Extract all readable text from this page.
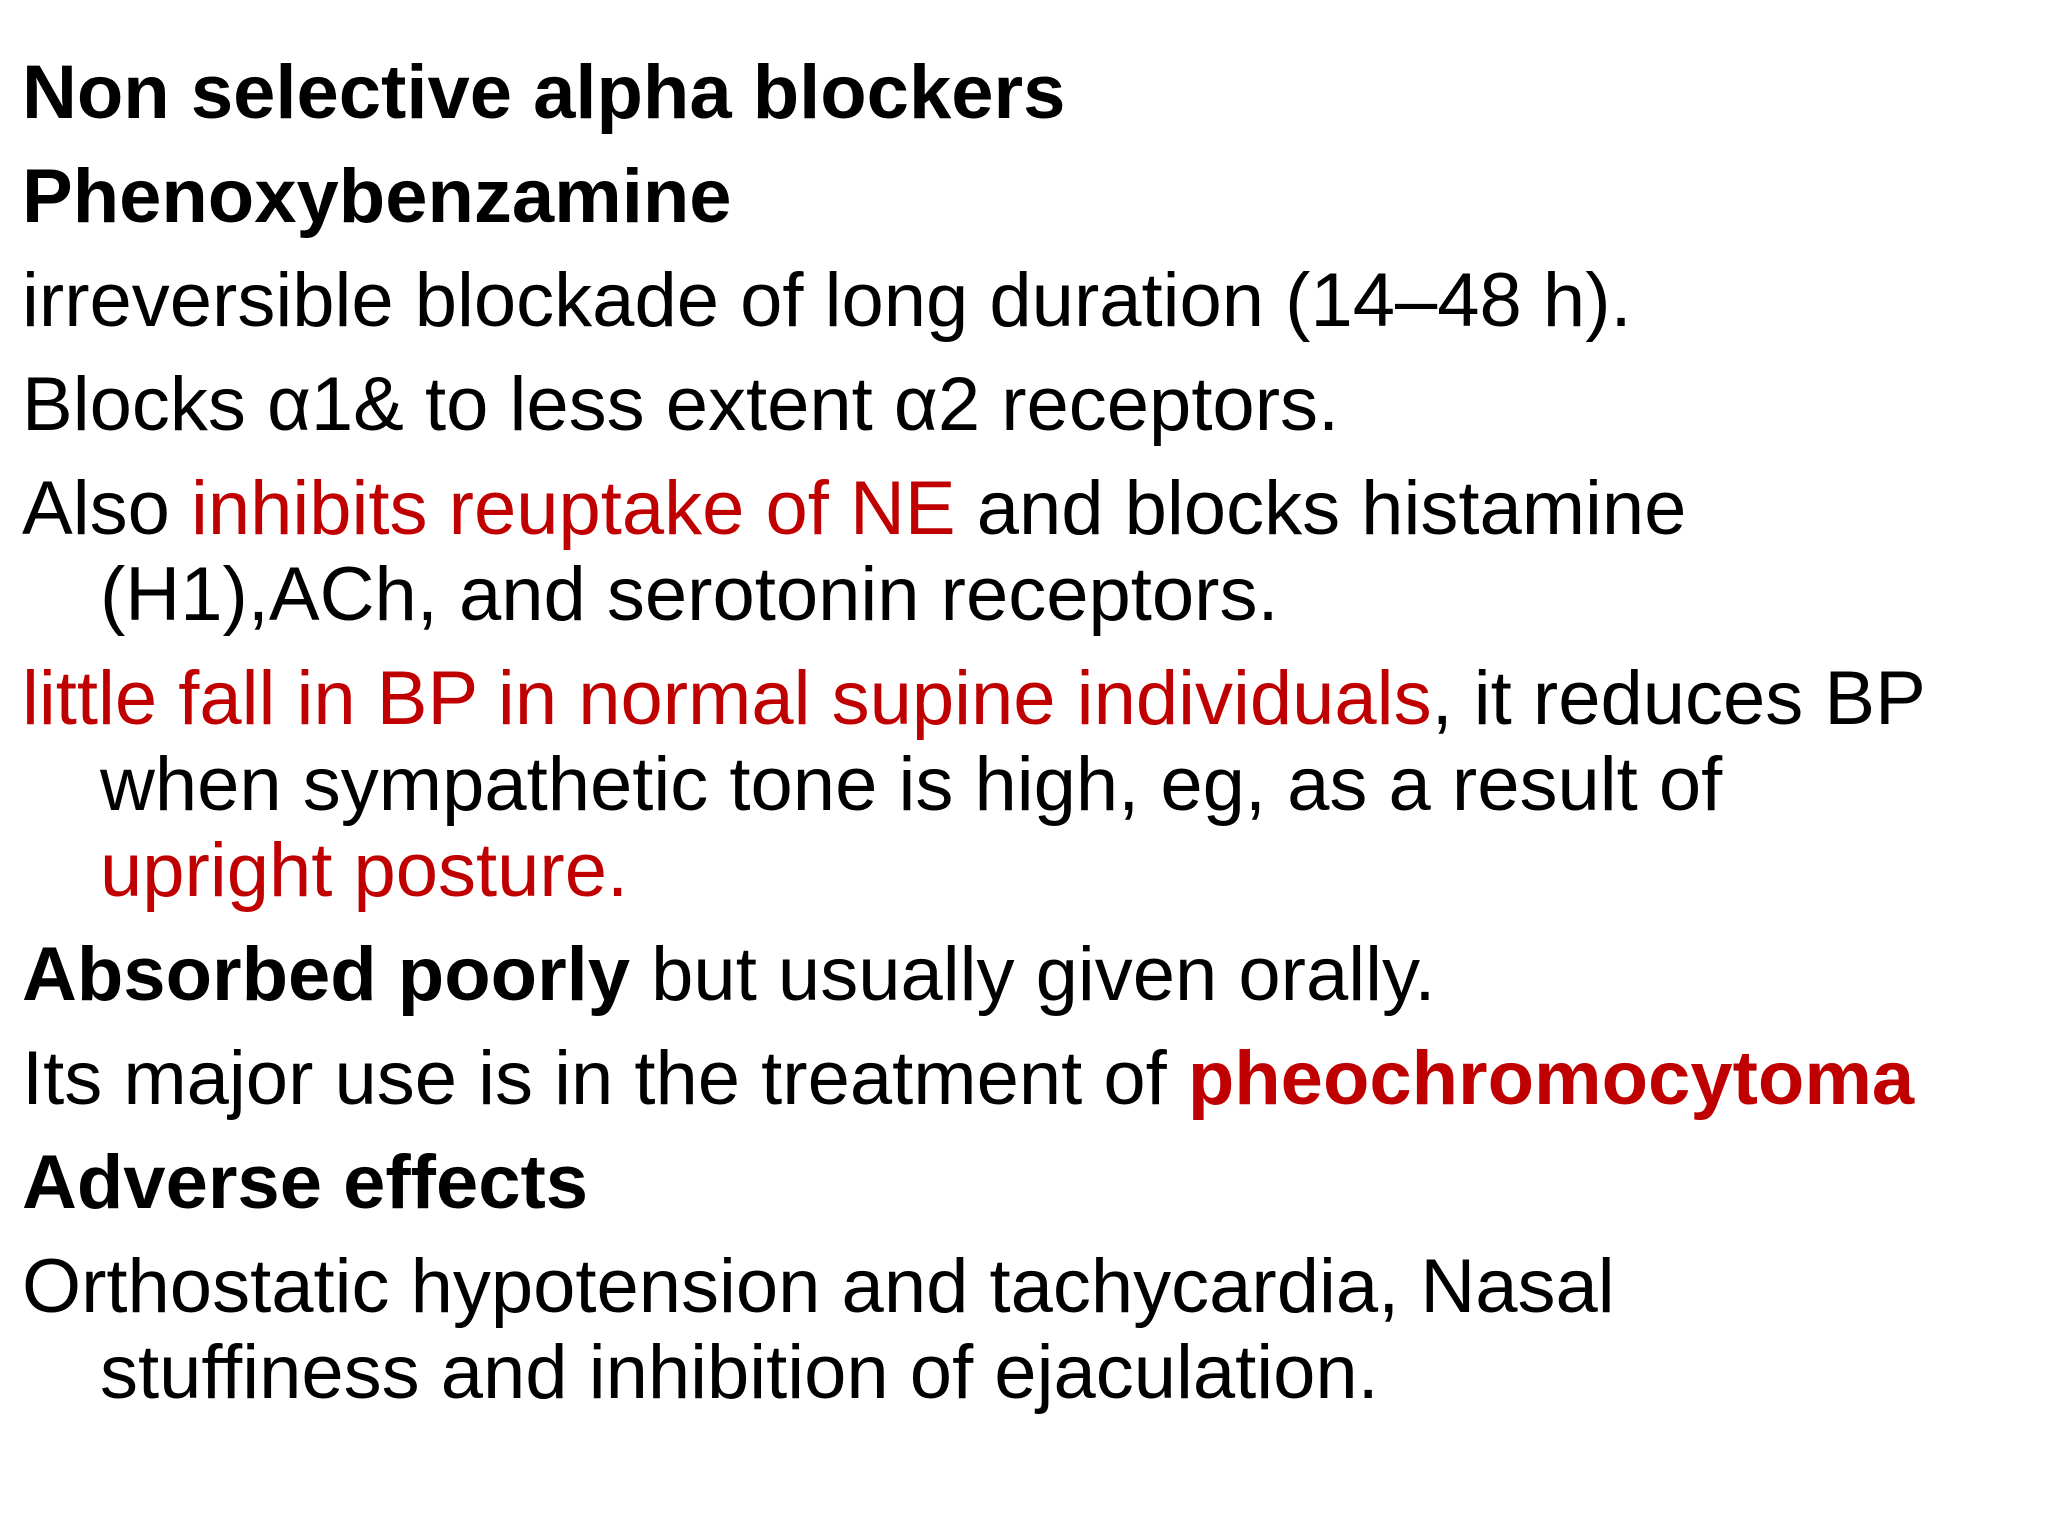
Non selective alpha blockers
Phenoxybenzamine
irreversible blockade of long duration (14–48 h).
Blocks α1& to less extent α2 receptors.
Also inhibits reuptake of NE and blocks histamine
(H1),ACh, and serotonin receptors.
little fall in BP in normal supine individuals, it reduces BP
when sympathetic tone is high, eg, as a result of
upright posture.
Absorbed poorly but usually given orally.
Its major use is in the treatment of pheochromocytoma
Adverse effects
Orthostatic hypotension and tachycardia, Nasal
stuffiness and inhibition of ejaculation.
